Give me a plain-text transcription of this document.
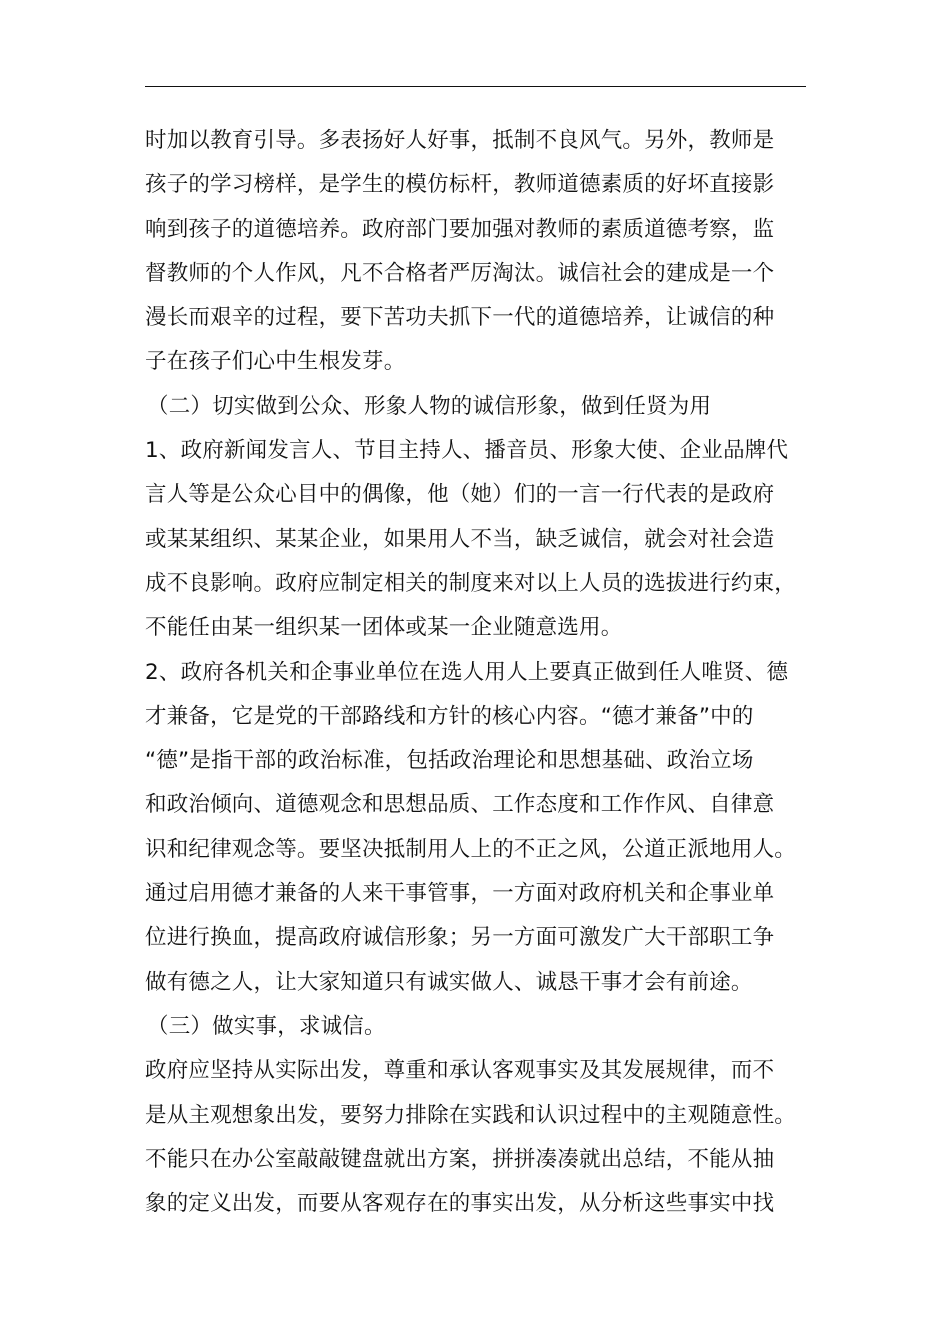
时加以教育引导。多表扬好人好事，抵制不良风气。另外，教师是
孩子的学习榜样，是学生的模仿标杆，教师道德素质的好坏直接影
响到孩子的道德培养。政府部门要加强对教师的素质道德考察，监
督教师的个人作风，凡不合格者严厉淘汰。诚信社会的建成是一个
漫长而艰辛的过程，要下苦功夫抓下一代的道德培养，让诚信的种
子在孩子们心中生根发芽。
（二）切实做到公众、形象人物的诚信形象，做到任贤为用
1、政府新闻发言人、节目主持人、播音员、形象大使、企业品牌代
言人等是公众心目中的偶像，他（她）们的一言一行代表的是政府
或某某组织、某某企业，如果用人不当，缺乏诚信，就会对社会造
成不良影响。政府应制定相关的制度来对以上人员的选拔进行约束，
不能任由某一组织某一团体或某一企业随意选用。
2、政府各机关和企事业单位在选人用人上要真正做到任人唯贤、德
才兼备，它是党的干部路线和方针的核心内容。“德才兼备”中的
“德”是指干部的政治标准，包括政治理论和思想基础、政治立场
和政治倾向、道德观念和思想品质、工作态度和工作作风、自律意
识和纪律观念等。要坚决抵制用人上的不正之风，公道正派地用人。
通过启用德才兼备的人来干事管事，一方面对政府机关和企事业单
位进行换血，提高政府诚信形象；另一方面可激发广大干部职工争
做有德之人，让大家知道只有诚实做人、诚恳干事才会有前途。
（三）做实事，求诚信。
政府应坚持从实际出发，尊重和承认客观事实及其发展规律，而不
是从主观想象出发，要努力排除在实践和认识过程中的主观随意性。
不能只在办公室敲敲键盘就出方案，拼拼凑凑就出总结，不能从抽
象的定义出发，而要从客观存在的事实出发，从分析这些事实中找
